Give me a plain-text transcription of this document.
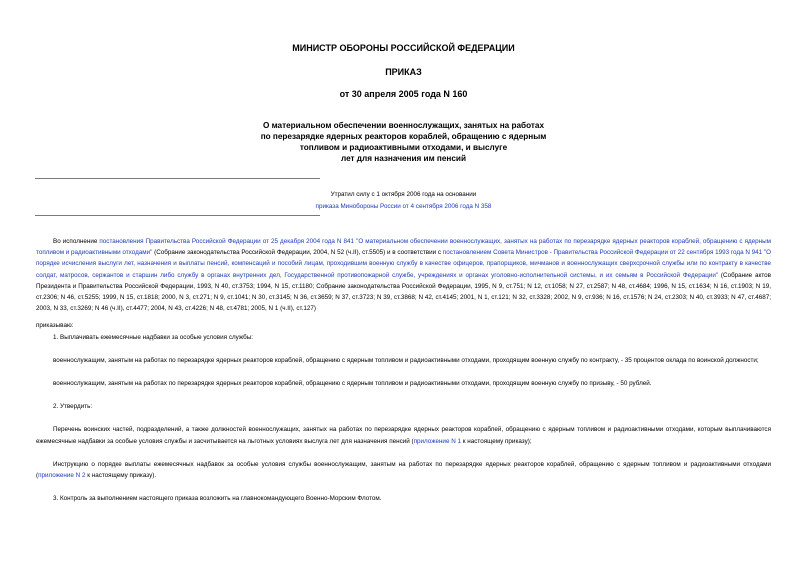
МИНИСТР ОБОРОНЫ РОССИЙСКОЙ ФЕДЕРАЦИИ
ПРИКАЗ
от 30 апреля 2005 года N 160
О материальном обеспечении военнослужащих, занятых на работах
по перезарядке ядерных реакторов кораблей, обращению с ядерным
топливом и радиоактивными отходами, и выслуге
лет для назначения им пенсий
Утратил силу с 1 октября 2006 года на основании
приказа Минобороны России от 4 сентября 2006 года N 358

Во исполнение постановления Правительства Российской Федерации от 25 декабря 2004 года N 841 "О материальном обеспечении военнослужащих, занятых на работах по перезарядке ядерных реакторов кораблей, обращению с ядерным топливом и радиоактивными отходами" (Собрание законодательства Российской Федерации, 2004, N 52 (ч.II), ст.5505) и в соответствии с постановлением Совета Министров - Правительства Российской Федерации от 22 сентября 1993 года N 941 "О порядке исчисления выслуги лет, назначения и выплаты пенсий, компенсаций и пособий лицам, проходившим военную службу в качестве офицеров, прапорщиков, мичманов и военнослужащих сверхсрочной службы или по контракту в качестве солдат, матросов, сержантов и старшин либо службу в органах внутренних дел, Государственной противопожарной службе, учреждениях и органах уголовно-исполнительной системы, и их семьям в Российской Федерации" (Собрание актов Президента и Правительства Российской Федерации, 1993, N 40, ст.3753; 1994, N 15, ст.1180; Собрание законодательства Российской Федерации, 1995, N 9, ст.751; N 12, ст.1058; N 27, ст.2587; N 48, ст.4684; 1996, N 15, ст.1634; N 16, ст.1903; N 19, ст.2306; N 46, ст.5255; 1999, N 15, ст.1818; 2000, N 3, ст.271; N 9, ст.1041; N 30, ст.3145; N 36, ст.3659; N 37, ст.3723; N 39, ст.3868; N 42, ст.4145; 2001, N 1, ст.121; N 32, ст.3328; 2002, N 9, ст.936; N 16, ст.1576; N 24, ст.2303; N 40, ст.3933; N 47, ст.4687; 2003, N 33, ст.3269; N 46 (ч.II), ст.4477; 2004, N 43, ст.4226; N 48, ст.4781; 2005, N 1 (ч.II), ст.127)

приказываю:

1. Выплачивать ежемесячные надбавки за особые условия службы:

военнослужащим, занятым на работах по перезарядке ядерных реакторов кораблей, обращению с ядерным топливом и радиоактивными отходами, проходящим военную службу по контракту, - 35 процентов оклада по воинской должности;

военнослужащим, занятым на работах по перезарядке ядерных реакторов кораблей, обращению с ядерным топливом и радиоактивными отходами, проходящим военную службу по призыву, - 50 рублей.

2. Утвердить:

Перечень воинских частей, подразделений, а также должностей военнослужащих, занятых на работах по перезарядке ядерных реакторов кораблей, обращению с ядерным топливом и радиоактивными отходами, которым выплачиваются ежемесячные надбавки за особые условия службы и засчитывается на льготных условиях выслуга лет для назначения пенсий (приложение N 1 к настоящему приказу);

Инструкцию о порядке выплаты ежемесячных надбавок за особые условия службы военнослужащим, занятым на работах по перезарядке ядерных реакторов кораблей, обращению с ядерным топливом и радиоактивными отходами (приложение N 2 к настоящему приказу).

3. Контроль за выполнением настоящего приказа возложить на главнокомандующего Военно-Морским Флотом.
